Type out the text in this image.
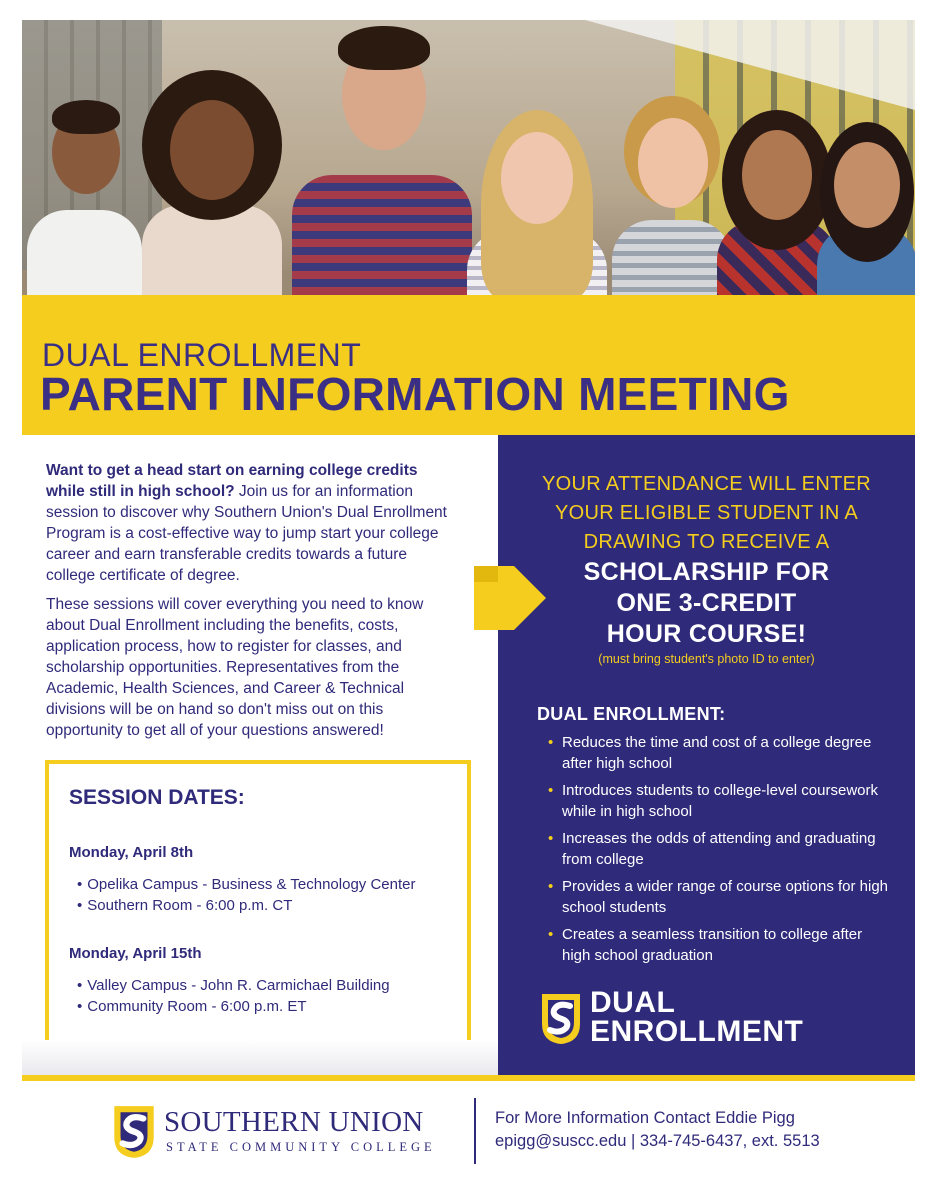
DUAL ENROLLMENT
PARENT INFORMATION MEETING

Want to get a head start on earning college credits while still in high school? Join us for an information session to discover why Southern Union's Dual Enrollment Program is a cost-effective way to jump start your college career and earn transferable credits towards a future college certificate of degree.

These sessions will cover everything you need to know about Dual Enrollment including the benefits, costs, application process, how to register for classes, and scholarship opportunities. Representatives from the Academic, Health Sciences, and Career & Technical divisions will be on hand so don't miss out on this opportunity to get all of your questions answered!

SESSION DATES:

Monday, April 8th

• Opelika Campus - Business & Technology Center
• Southern Room - 6:00 p.m. CT

Monday, April 15th

• Valley Campus - John R. Carmichael Building
• Community Room - 6:00 p.m. ET

YOUR ATTENDANCE WILL ENTER
YOUR ELIGIBLE STUDENT IN A
DRAWING TO RECEIVE A

SCHOLARSHIP FOR
ONE 3-CREDIT
HOUR COURSE!

(must bring student's photo ID to enter)

DUAL ENROLLMENT:
• Reduces the time and cost of a college degree after high school
• Introduces students to college-level coursework while in high school
• Increases the odds of attending and graduating from college
• Provides a wider range of course options for high school students
• Creates a seamless transition to college after high school graduation

DUAL
ENROLLMENT

SOUTHERN UNION

STATE COMMUNITY COLLEGE

For More Information Contact Eddie Pigg

epigg@suscc.edu | 334-745-6437, ext. 5513
